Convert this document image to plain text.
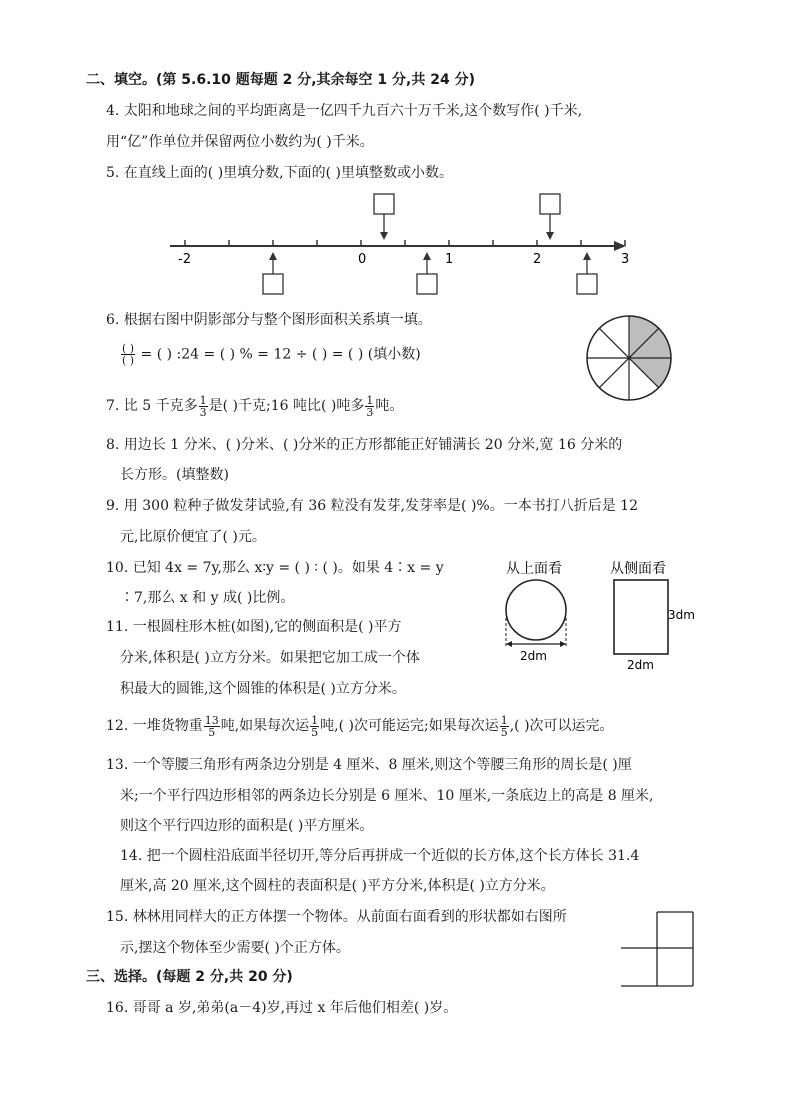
二、填空。(第 5.6.10 题每题 2 分,其余每空 1 分,共 24 分)
4. 太阳和地球之间的平均距离是一亿四千九百六十万千米,这个数写作( )千米,
用“亿”作单位并保留两位小数约为( )千米。
5. 在直线上面的( )里填分数,下面的( )里填整数或小数。
-2	0	1	2	3
6. 根据右图中阴影部分与整个图形面积关系填一填。
$\frac{( )}{( )}$ = ( ) :24 = ( ) % = 12 ÷ ( ) = ( ) (填小数)
7. 比 5 千克多 $\frac{1}{3}$ 是( )千克;16 吨比( )吨多 $\frac{1}{3}$ 吨。
8. 用边长 1 分米、( )分米、( )分米的正方形都能正好铺满长 20 分米,宽 16 分米的
长方形。(填整数)
9. 用 300 粒种子做发芽试验,有 36 粒没有发芽,发芽率是( )%。一本书打八折后是 12
元,比原价便宜了( )元。
10. 已知 4x = 7y,那么 x∶y = ( ) ∶ ( )。如果 4∶x = y
∶7,那么 x 和 y 成( )比例。
11. 一根圆柱形木桩(如图),它的侧面积是( )平方
分米,体积是( )立方分米。如果把它加工成一个体
积最大的圆锥,这个圆锥的体积是( )立方分米。
从上面看	从侧面看
2dm
3dm
2dm
12. 一堆货物重 $\frac{13}{5}$ 吨,如果每次运 $\frac{1}{5}$ 吨,( )次可能运完;如果每次运 $\frac{1}{5}$ ,( )次可以运完。
13. 一个等腰三角形有两条边分别是 4 厘米、8 厘米,则这个等腰三角形的周长是( )厘
米;一个平行四边形相邻的两条边长分别是 6 厘米、10 厘米,一条底边上的高是 8 厘米,
则这个平行四边形的面积是( )平方厘米。
14. 把一个圆柱沿底面半径切开,等分后再拼成一个近似的长方体,这个长方体长 31.4
厘米,高 20 厘米,这个圆柱的表面积是( )平方分米,体积是( )立方分米。
15. 林林用同样大的正方体摆一个物体。从前面右面看到的形状都如右图所
示,摆这个物体至少需要( )个正方体。
三、选择。(每题 2 分,共 20 分)
16. 哥哥 a 岁,弟弟(a－4)岁,再过 x 年后他们相差( )岁。
